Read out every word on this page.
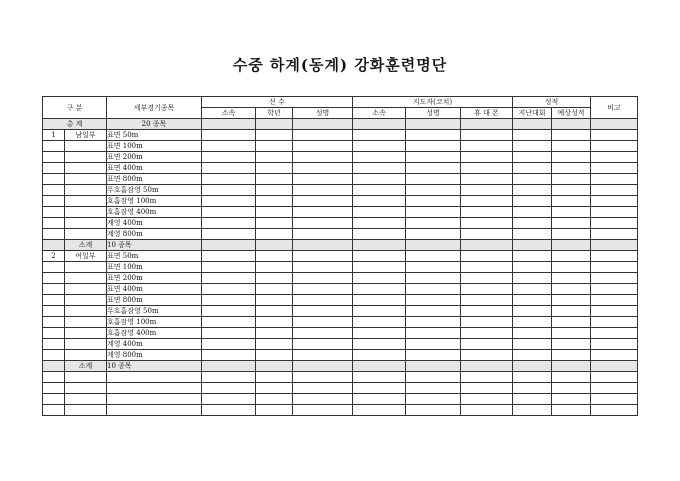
수중 하계(동계) 강화훈련명단
구 분		세부경기종목	선 수			지도자(코치)			성적		비고
			소속	학년	성명	소속	성명	휴 대 폰	지난대회	예상성적	
총 계		20 종목									
1	남일부	표면 50m									
		표면 100m									
		표면 200m									
		표면 400m									
		표면 800m									
		무호흡잠영 50m									
		호흡잠영 100m									
		호흡잠영 400m									
		계영 400m									
		계영 800m									
	소계	10 종목									
2	여일부	표면 50m									
		표면 100m									
		표면 200m									
		표면 400m									
		표면 800m									
		무호흡잠영 50m									
		호흡잠영 100m									
		호흡잠영 400m									
		계영 400m									
		계영 800m									
	소계	10 종목									
